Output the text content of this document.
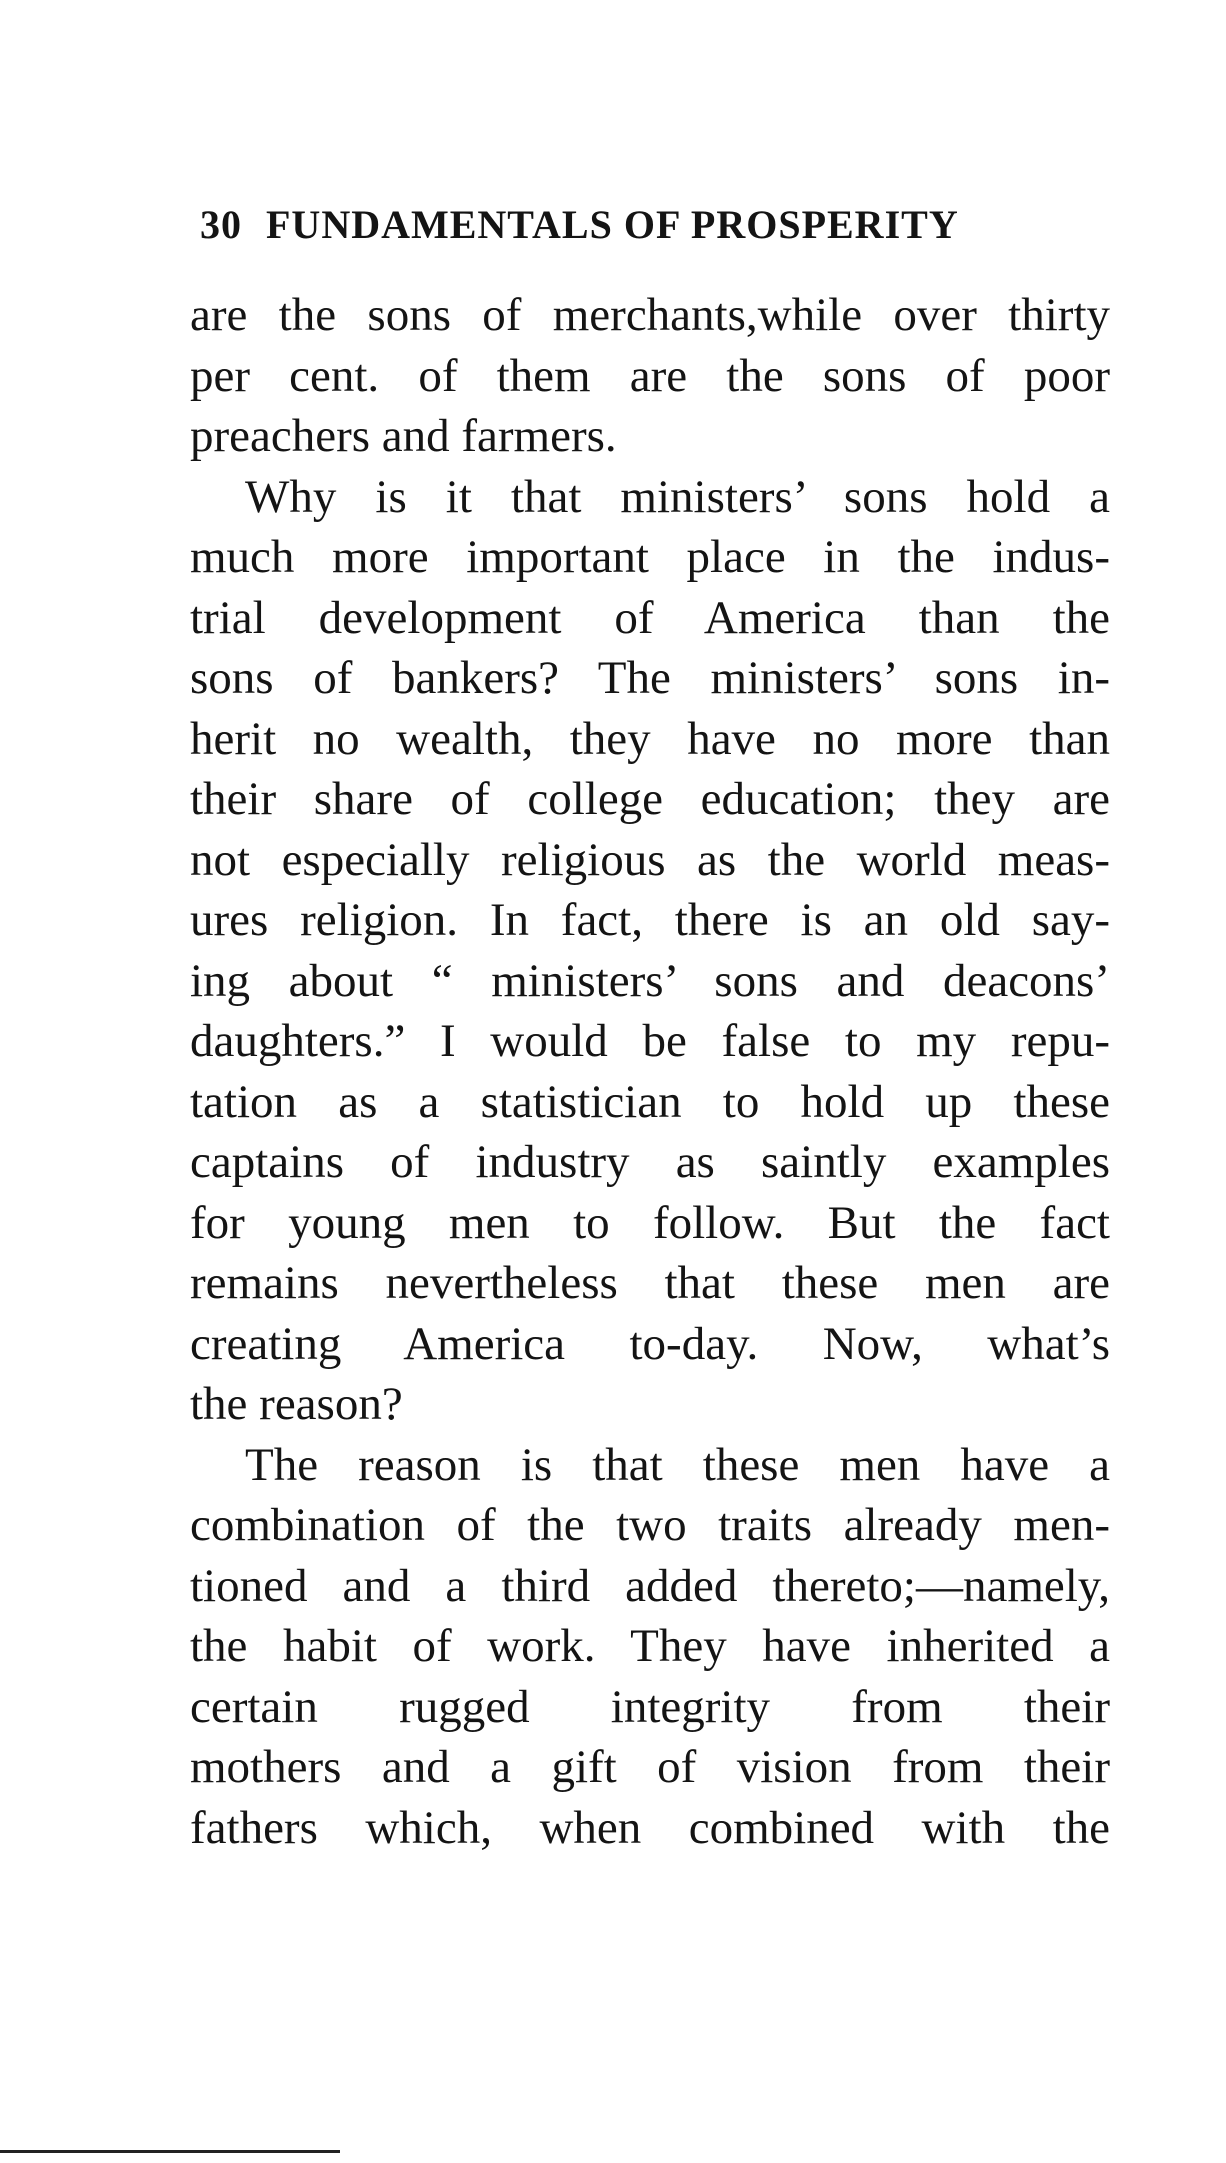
30 FUNDAMENTALS OF PROSPERITY
are the sons of merchants,while over thirty
per cent. of them are the sons of poor
preachers and farmers.
Why is it that ministers’ sons hold a
much more important place in the indus-
trial development of America than the
sons of bankers? The ministers’ sons in-
herit no wealth, they have no more than
their share of college education; they are
not especially religious as the world meas-
ures religion. In fact, there is an old say-
ing about “ ministers’ sons and deacons’
daughters.” I would be false to my repu-
tation as a statistician to hold up these
captains of industry as saintly examples
for young men to follow. But the fact
remains nevertheless that these men are
creating America to-day. Now, what’s
the reason?
The reason is that these men have a
combination of the two traits already men-
tioned and a third added thereto;—namely,
the habit of work. They have inherited a
certain rugged integrity from their
mothers and a gift of vision from their
fathers which, when combined with the
